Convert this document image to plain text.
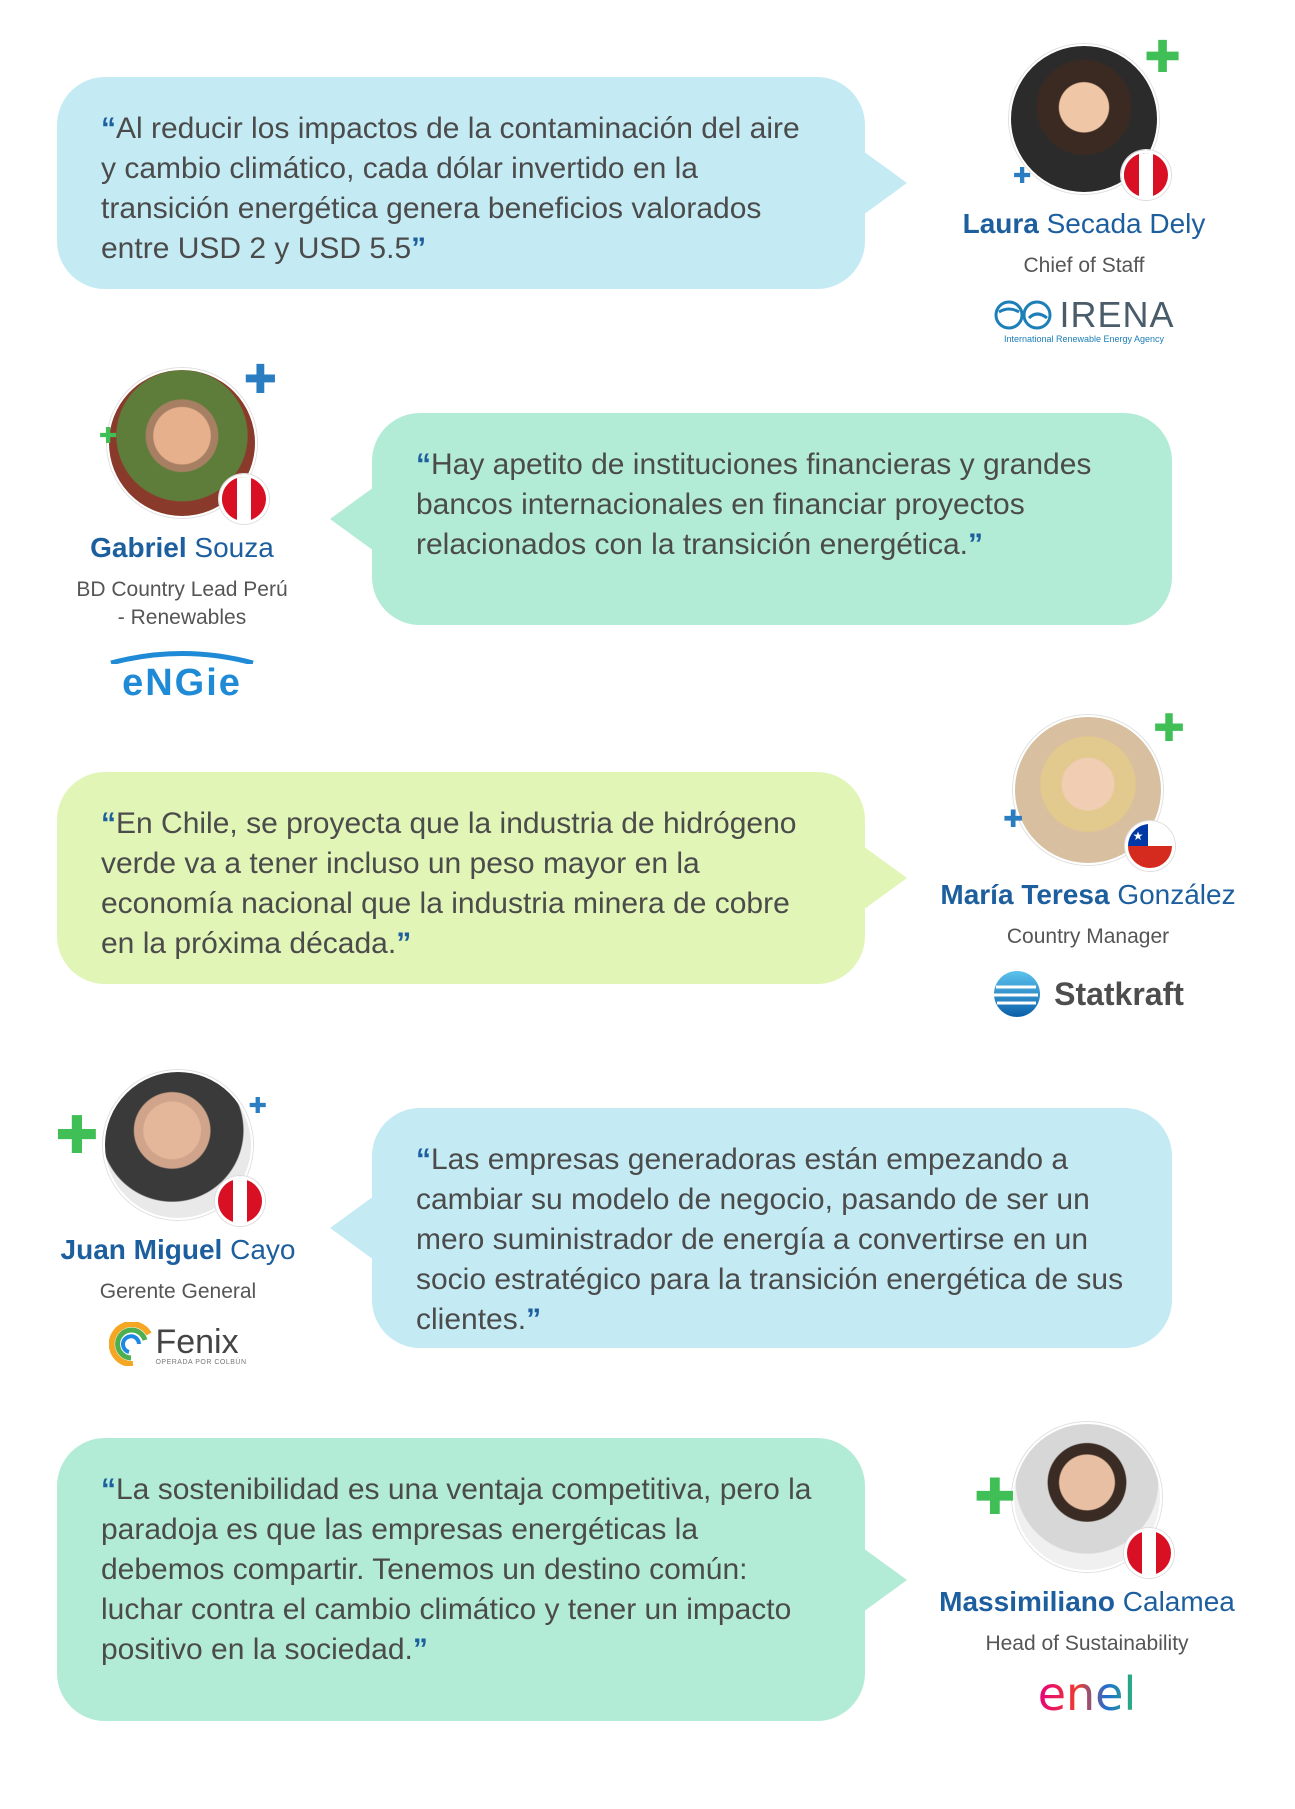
“Al reducir los impactos de la contaminación del aire y cambio climático, cada dólar invertido en la transición energética genera beneficios valorados entre USD 2 y USD 5.5”

✚
✚
Laura Secada Dely
Chief of Staff
IRENA
International Renewable Energy Agency
✚
✚
Gabriel Souza
BD Country Lead Perú - Renewables
eNGie

“Hay apetito de instituciones financieras y grandes bancos internacionales en financiar proyectos relacionados con la transición energética.”

“En Chile, se proyecta que la industria de hidrógeno verde va a tener incluso un peso mayor en la economía nacional que la industria minera de cobre en la próxima década.”

✚
✚
★
María Teresa González
Country Manager
Statkraft
✚	✚
Juan Miguel Cayo
Gerente General
Fenix
OPERADA POR COLBÚN

“Las empresas generadoras están empezando a cambiar su modelo de negocio, pasando de ser un mero suministrador de energía a convertirse en un socio estratégico para la transición energética de sus clientes.”

“La sostenibilidad es una ventaja competitiva, pero la paradoja es que las empresas energéticas la debemos compartir. Tenemos un destino común: luchar contra el cambio climático y tener un impacto positivo en la sociedad.”

✚
Massimiliano Calamea
Head of Sustainability
enel
